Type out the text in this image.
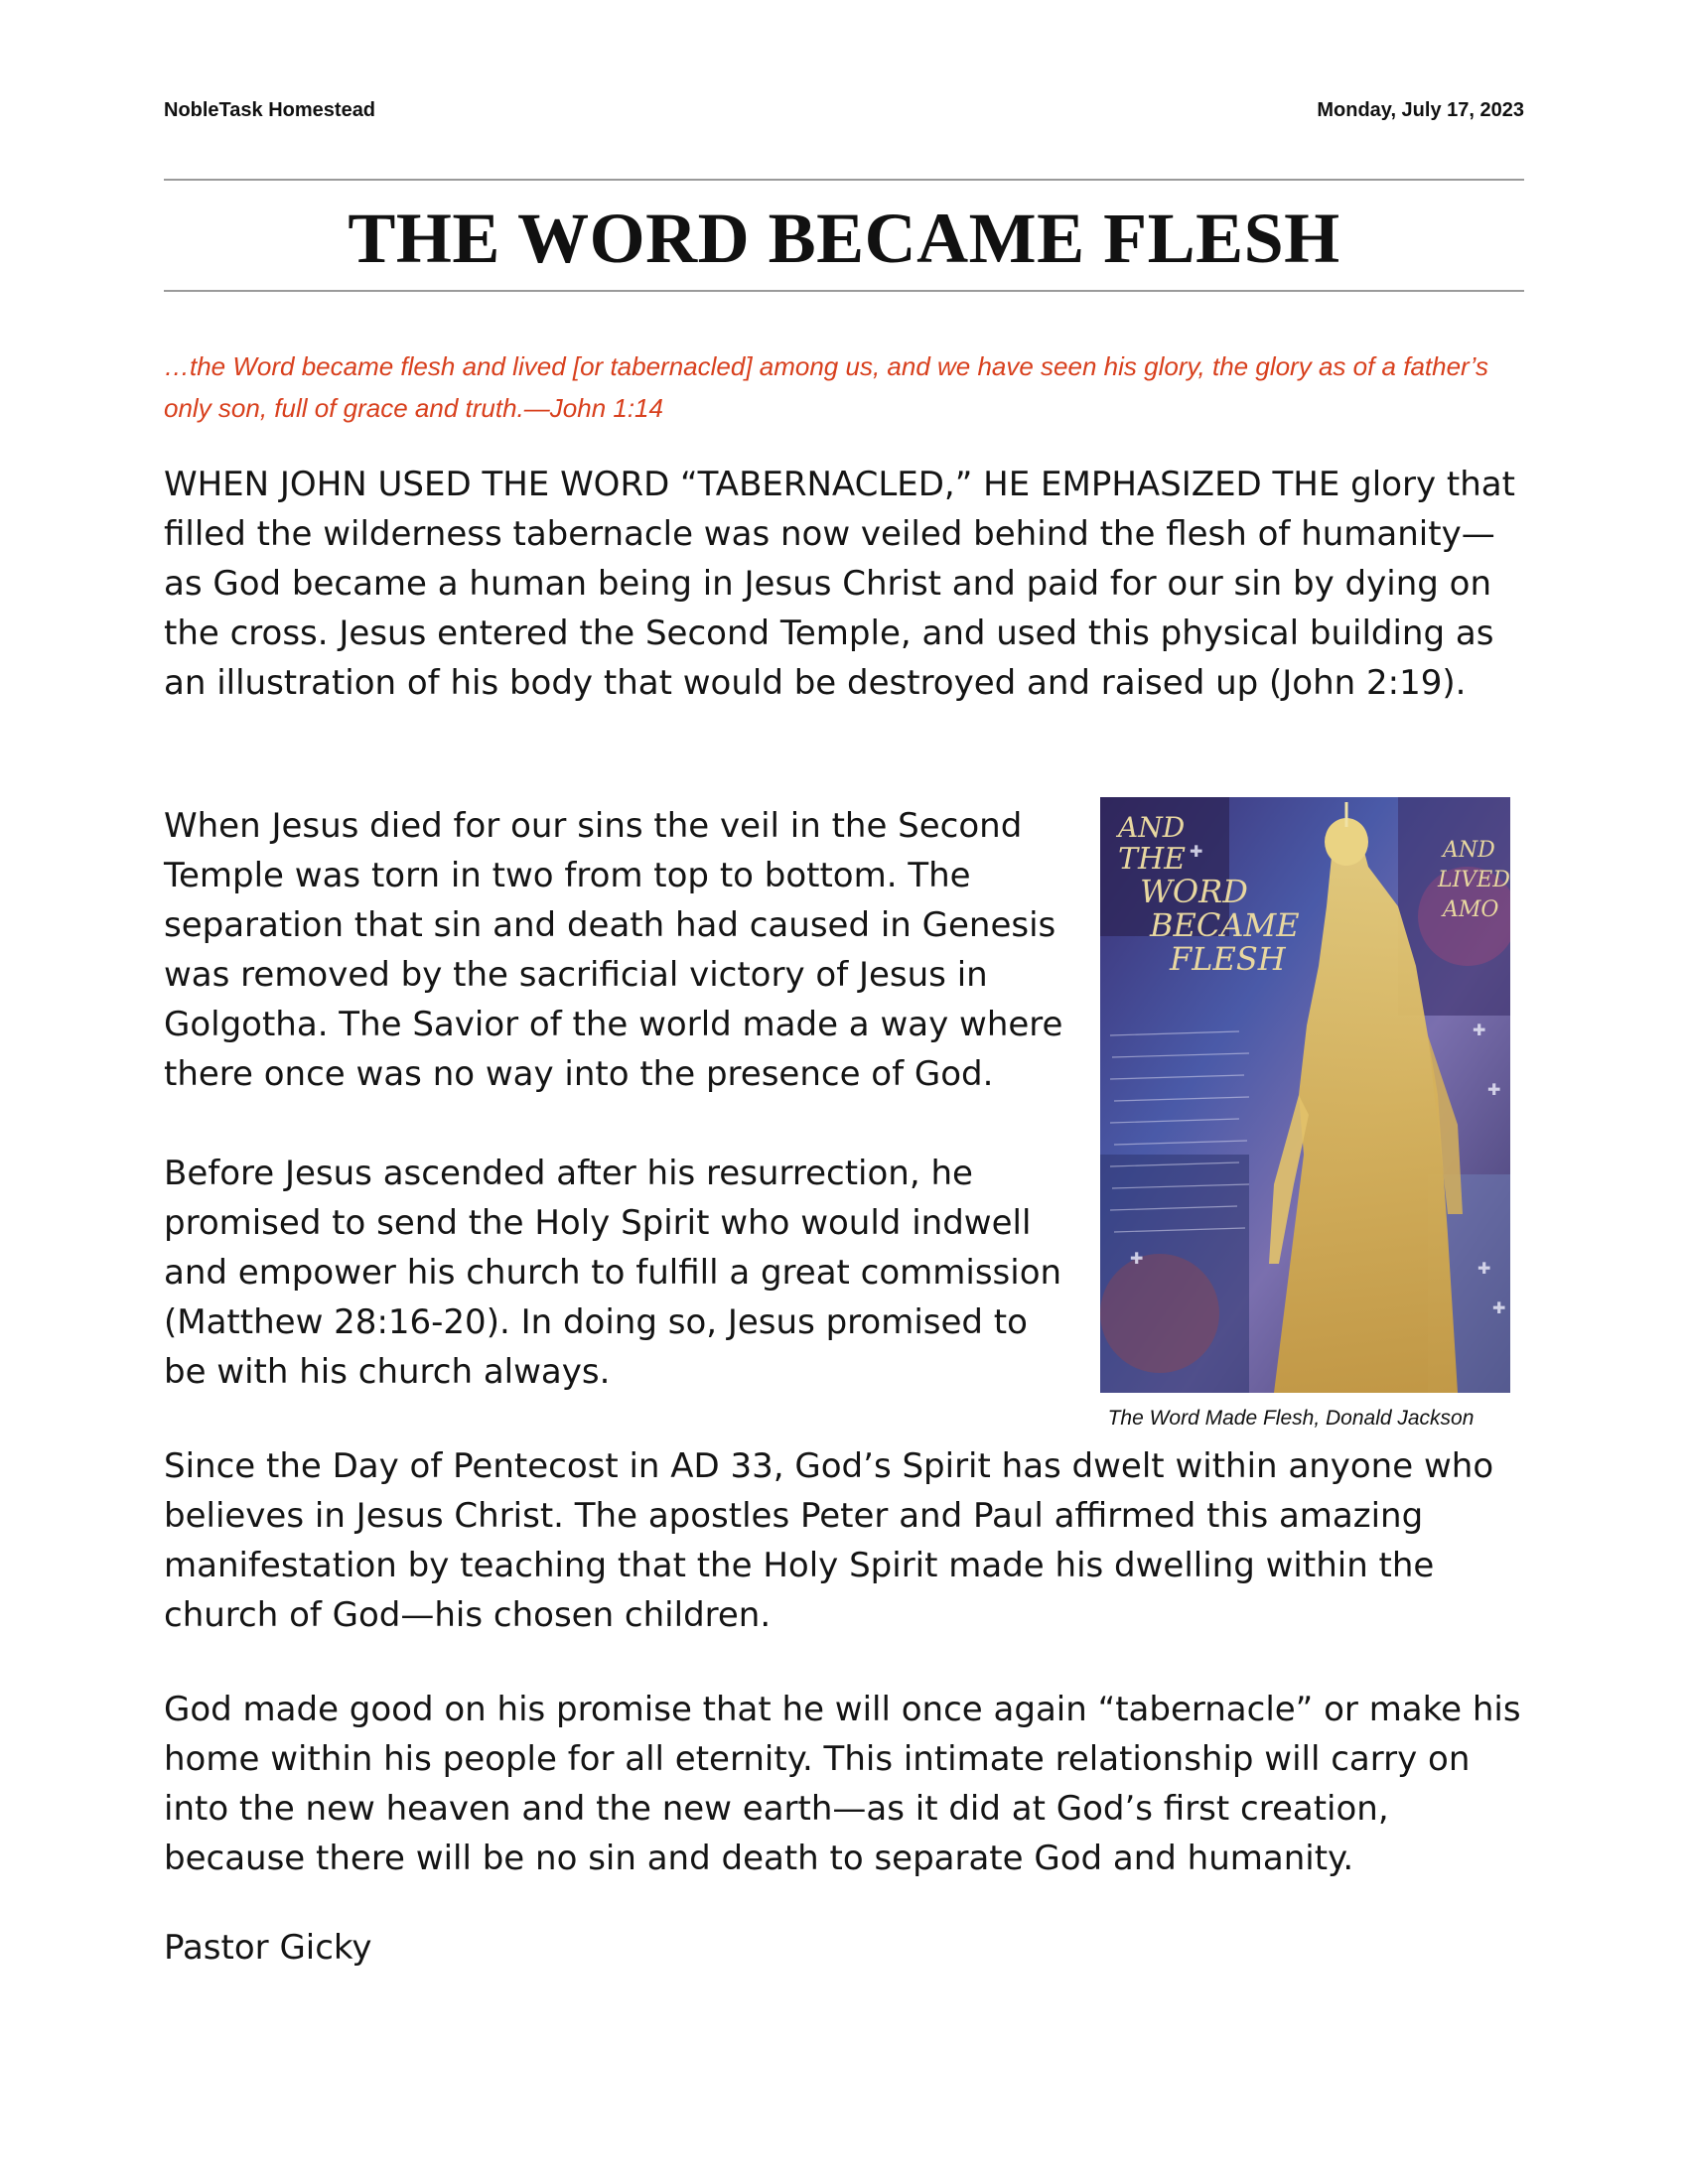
NobleTask Homestead	Monday, July 17, 2023
THE WORD BECAME FLESH
…the Word became flesh and lived [or tabernacled] among us, and we have seen his glory, the glory as of a father’s only son, full of grace and truth.—John 1:14
WHEN JOHN USED THE WORD “TABERNACLED,” HE EMPHASIZED THE glory that filled the wilderness tabernacle was now veiled behind the flesh of humanity—as God became a human being in Jesus Christ and paid for our sin by dying on the cross. Jesus entered the Second Temple, and used this physical building as an illustration of his body that would be destroyed and raised up (John 2:19).
When Jesus died for our sins the veil in the Second Temple was torn in two from top to bottom. The separation that sin and death had caused in Genesis was removed by the sacrificial victory of Jesus in Golgotha. The Savior of the world made a way where there once was no way into the presence of God.
Before Jesus ascended after his resurrection, he promised to send the Holy Spirit who would indwell and empower his church to fulfill a great commission (Matthew 28:16-20). In doing so, Jesus promised to be with his church always.
✚
✚
✚
✚
✚
✚
AND
THE
WORD
BECAME
FLESH
AND
LIVED
AMO
The Word Made Flesh, Donald Jackson
Since the Day of Pentecost in AD 33, God’s Spirit has dwelt within anyone who believes in Jesus Christ. The apostles Peter and Paul affirmed this amazing manifestation by teaching that the Holy Spirit made his dwelling within the church of God—his chosen children.
God made good on his promise that he will once again “tabernacle” or make his home within his people for all eternity. This intimate relationship will carry on into the new heaven and the new earth—as it did at God’s first creation, because there will be no sin and death to separate God and humanity.
Pastor Gicky
